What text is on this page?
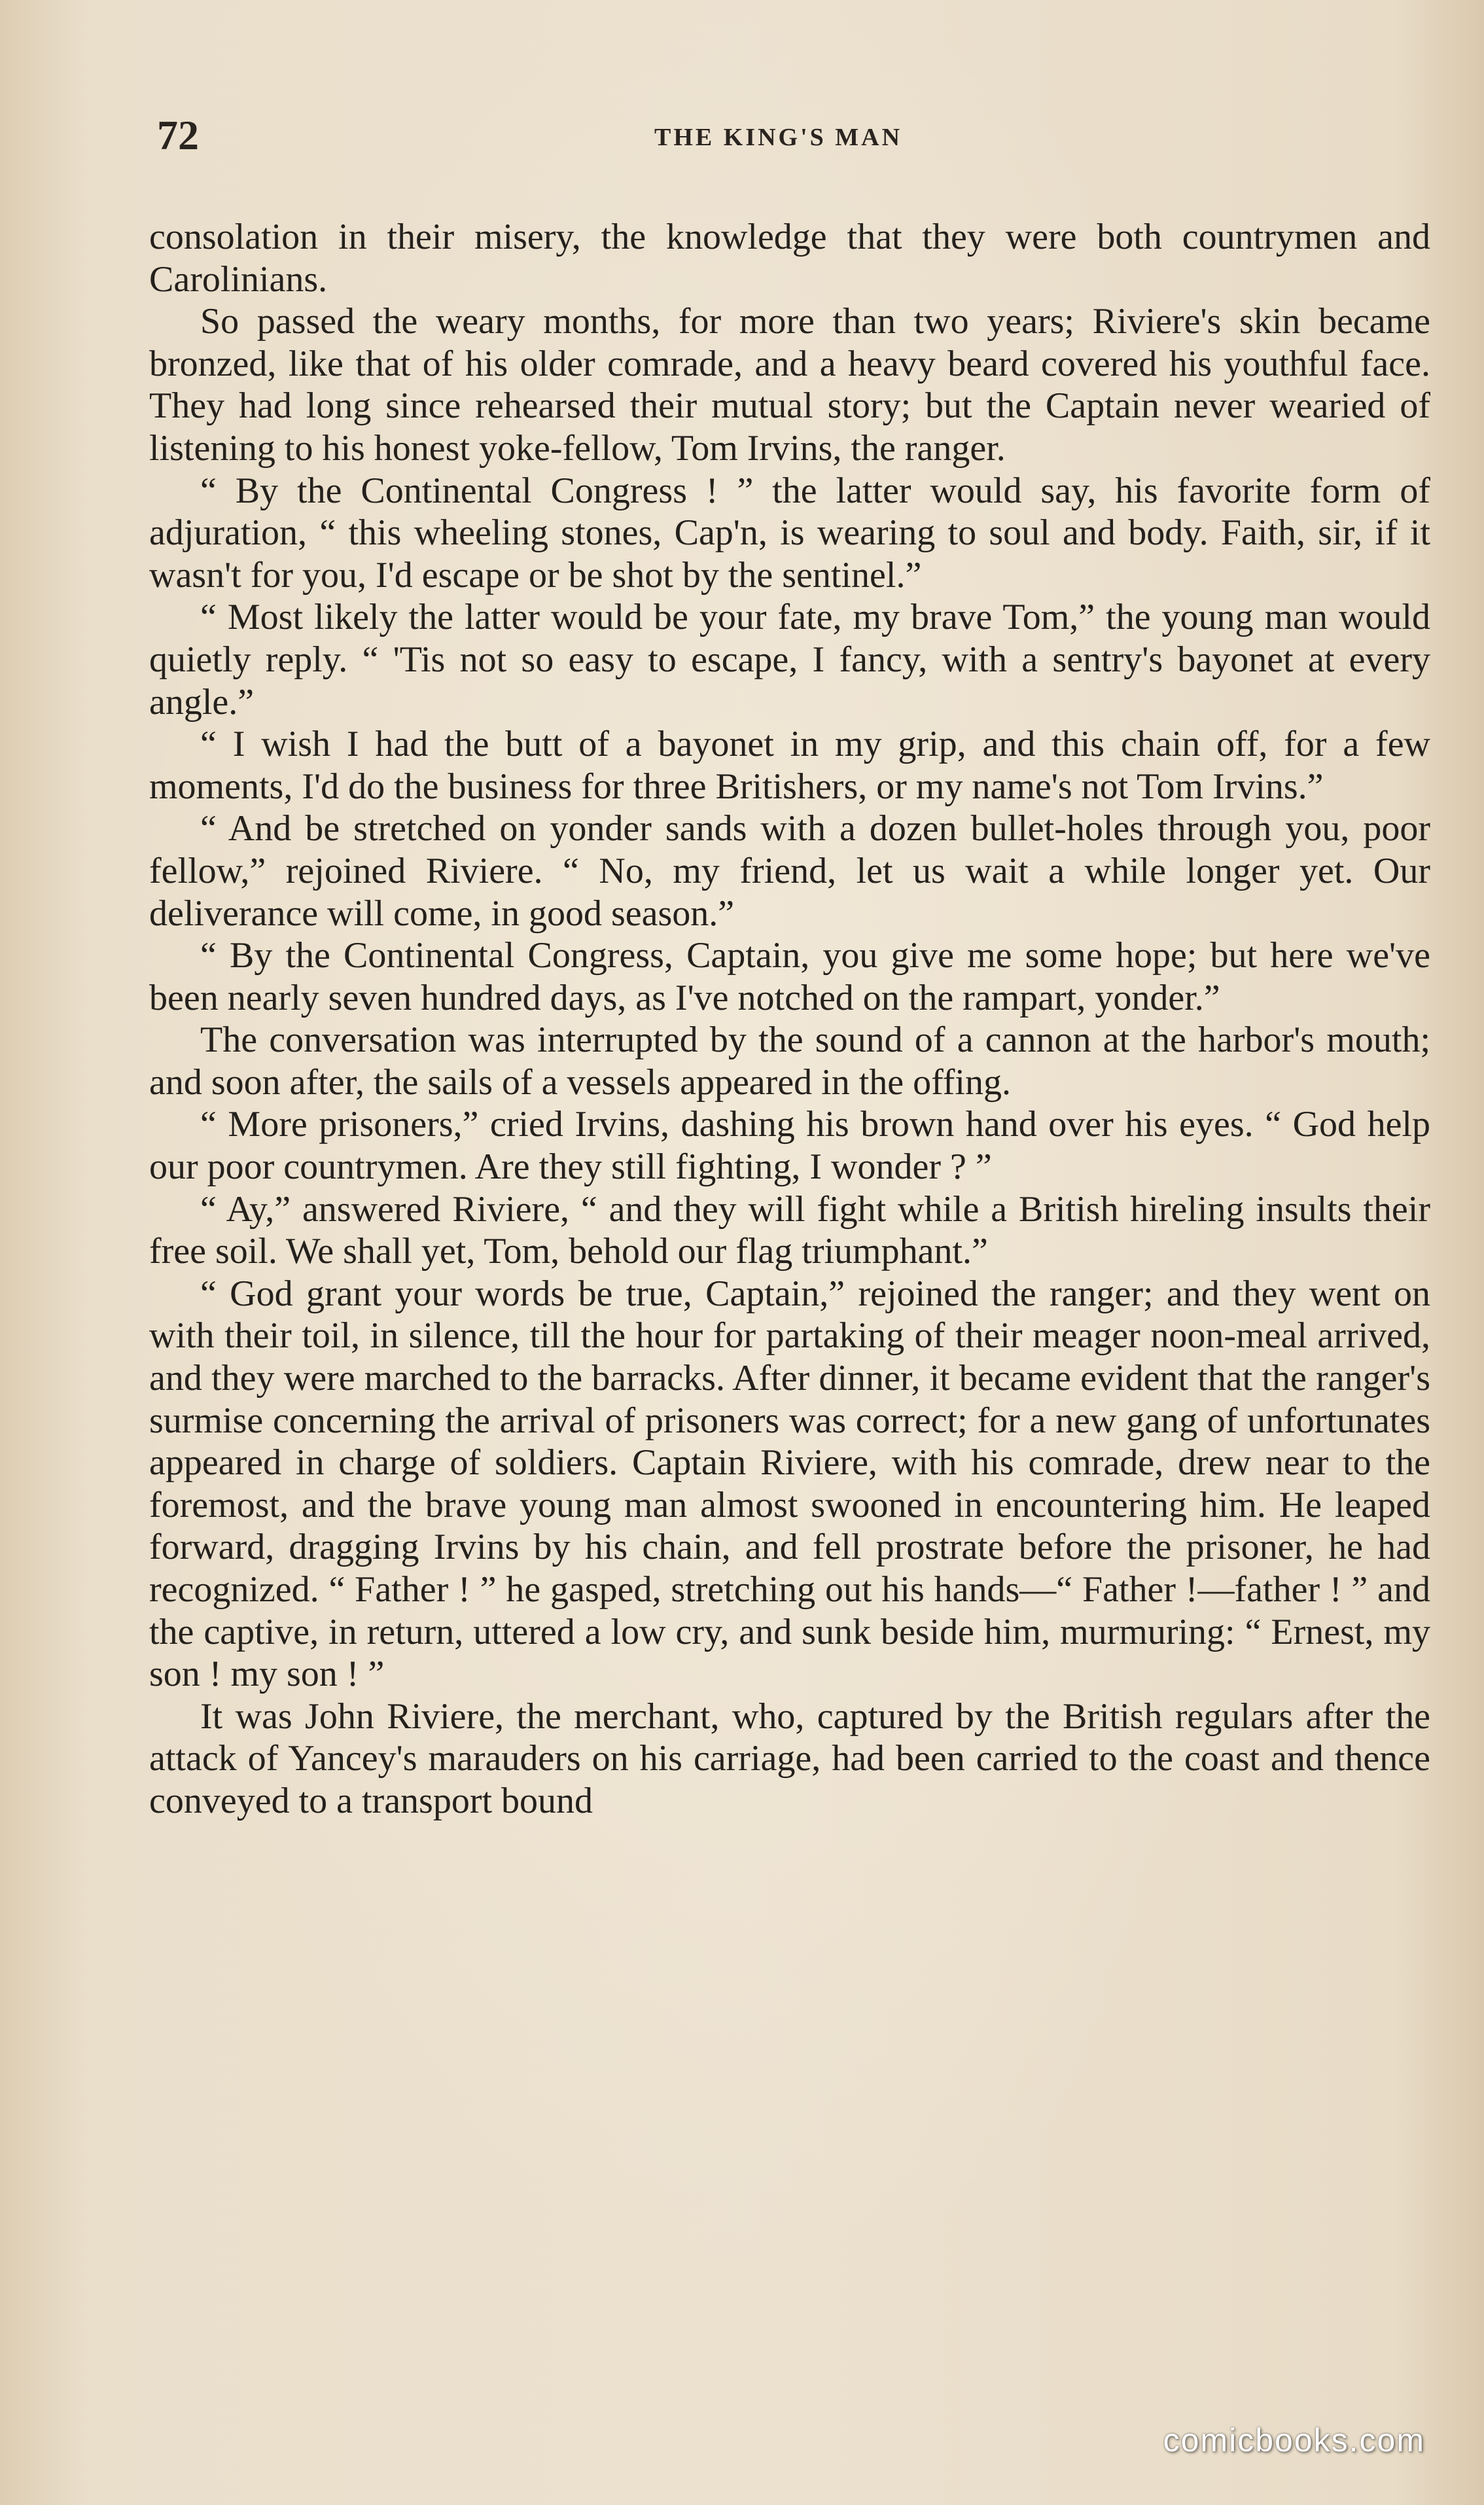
72	THE KING'S MAN

consolation in their misery, the knowledge that they were both countrymen and Carolinians.

So passed the weary months, for more than two years; Riviere's skin became bronzed, like that of his older comrade, and a heavy beard covered his youthful face. They had long since rehearsed their mutual story; but the Captain never wearied of listening to his honest yoke-fellow, Tom Irvins, the ranger.

“ By the Continental Congress ! ” the latter would say, his favorite form of adjuration, “ this wheeling stones, Cap'n, is wearing to soul and body. Faith, sir, if it wasn't for you, I'd escape or be shot by the sentinel.”

“ Most likely the latter would be your fate, my brave Tom,” the young man would quietly reply. “ 'Tis not so easy to escape, I fancy, with a sentry's bayonet at every angle.”

“ I wish I had the butt of a bayonet in my grip, and this chain off, for a few moments, I'd do the business for three Britishers, or my name's not Tom Irvins.”

“ And be stretched on yonder sands with a dozen bullet-holes through you, poor fellow,” rejoined Riviere. “ No, my friend, let us wait a while longer yet. Our deliverance will come, in good season.”

“ By the Continental Congress, Captain, you give me some hope; but here we've been nearly seven hundred days, as I've notched on the rampart, yonder.”

The conversation was interrupted by the sound of a cannon at the harbor's mouth; and soon after, the sails of a vessels appeared in the offing.

“ More prisoners,” cried Irvins, dashing his brown hand over his eyes. “ God help our poor countrymen. Are they still fighting, I wonder ? ”

“ Ay,” answered Riviere, “ and they will fight while a British hireling insults their free soil. We shall yet, Tom, behold our flag triumphant.”

“ God grant your words be true, Captain,” rejoined the ranger; and they went on with their toil, in silence, till the hour for partaking of their meager noon-meal arrived, and they were marched to the barracks. After dinner, it became evident that the ranger's surmise concerning the arrival of prisoners was correct; for a new gang of unfortunates appeared in charge of soldiers. Captain Riviere, with his comrade, drew near to the foremost, and the brave young man almost swooned in encountering him. He leaped forward, dragging Irvins by his chain, and fell prostrate before the prisoner, he had recognized. “ Father ! ” he gasped, stretching out his hands—“ Father !—father ! ” and the captive, in return, uttered a low cry, and sunk beside him, murmuring: “ Ernest, my son ! my son ! ”

It was John Riviere, the merchant, who, captured by the British regulars after the attack of Yancey's marauders on his carriage, had been carried to the coast and thence conveyed to a transport bound

comicbooks.com
